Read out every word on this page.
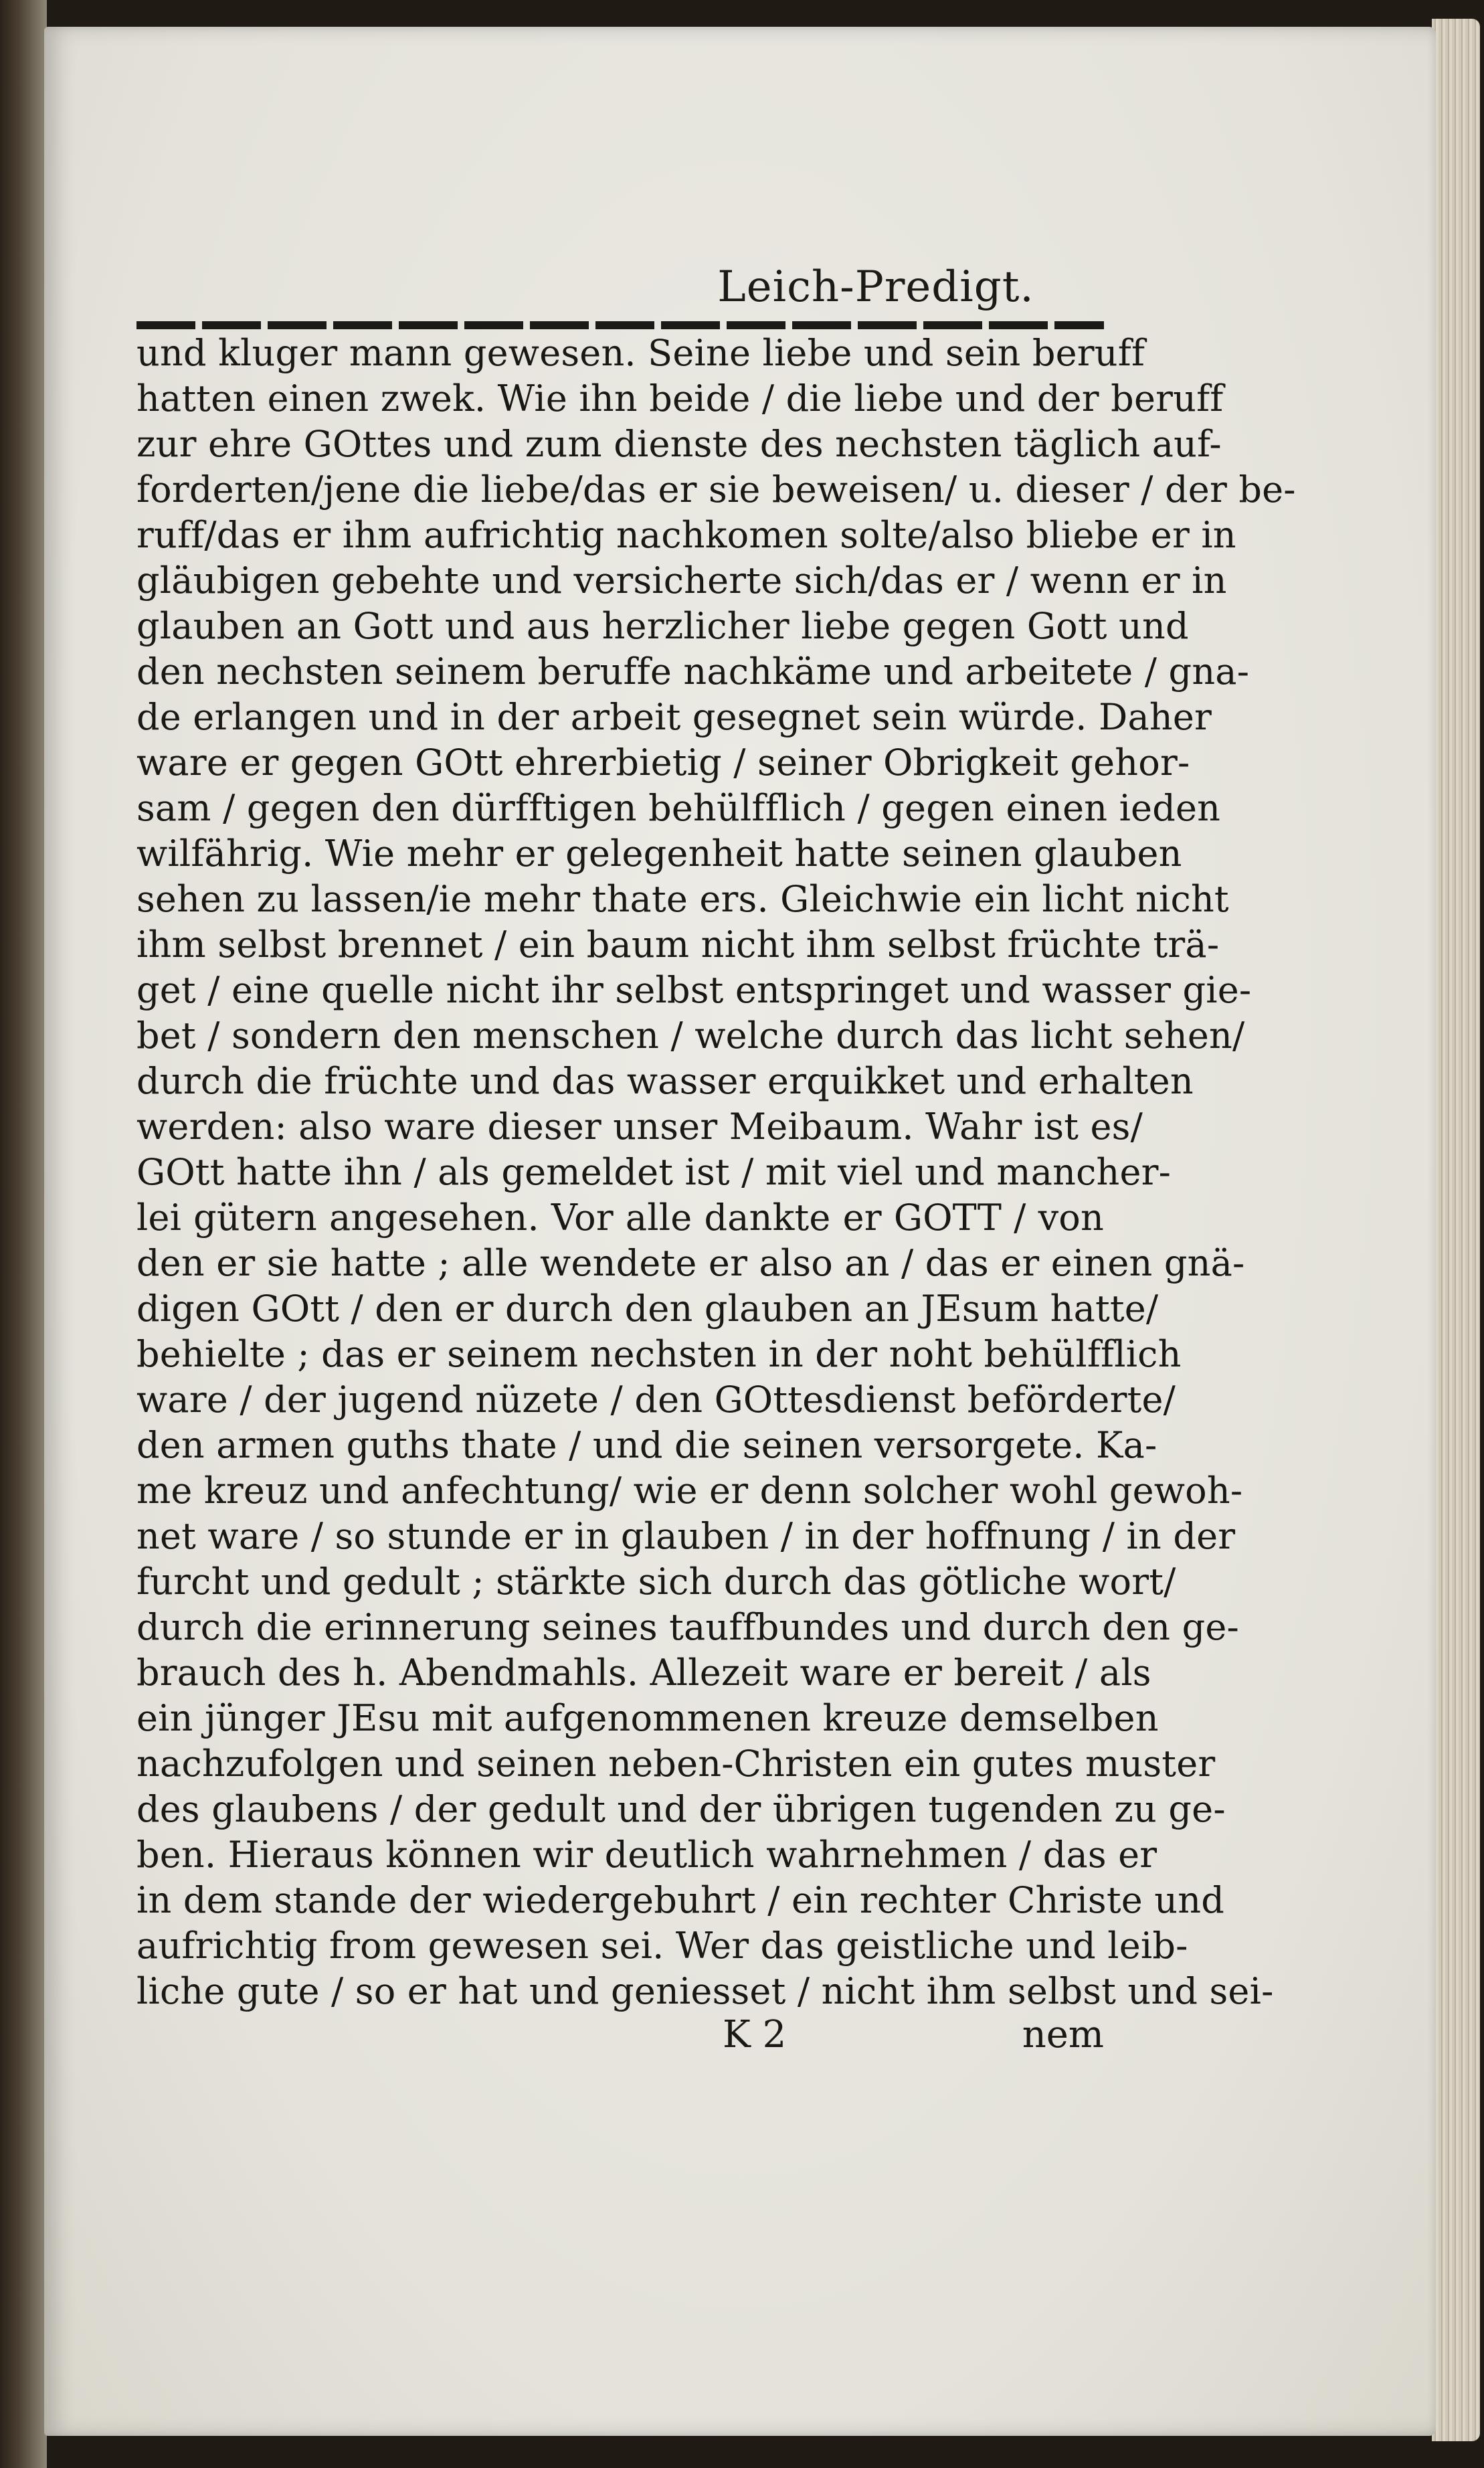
Leich-Predigt.
und kluger mann gewesen. Seine liebe und sein beruff
hatten einen zwek. Wie ihn beide / die liebe und der beruff
zur ehre GOttes und zum dienste des nechsten täglich auf-
forderten/jene die liebe/das er sie beweisen/ u. dieser / der be-
ruff/das er ihm aufrichtig nachkomen solte/also bliebe er in
gläubigen gebehte und versicherte sich/das er / wenn er in
glauben an Gott und aus herzlicher liebe gegen Gott und
den nechsten seinem beruffe nachkäme und arbeitete / gna-
de erlangen und in der arbeit gesegnet sein würde. Daher
ware er gegen GOtt ehrerbietig / seiner Obrigkeit gehor-
sam / gegen den dürfftigen behülfflich / gegen einen ieden
wilfährig. Wie mehr er gelegenheit hatte seinen glauben
sehen zu lassen/ie mehr thate ers. Gleichwie ein licht nicht
ihm selbst brennet / ein baum nicht ihm selbst früchte trä-
get / eine quelle nicht ihr selbst entspringet und wasser gie-
bet / sondern den menschen / welche durch das licht sehen/
durch die früchte und das wasser erquikket und erhalten
werden: also ware dieser unser Meibaum. Wahr ist es/
GOtt hatte ihn / als gemeldet ist / mit viel und mancher-
lei gütern angesehen. Vor alle dankte er GOTT / von
den er sie hatte ; alle wendete er also an / das er einen gnä-
digen GOtt / den er durch den glauben an JEsum hatte/
behielte ; das er seinem nechsten in der noht behülfflich
ware / der jugend nüzete / den GOttesdienst beförderte/
den armen guths thate / und die seinen versorgete. Ka-
me kreuz und anfechtung/ wie er denn solcher wohl gewoh-
net ware / so stunde er in glauben / in der hoffnung / in der
furcht und gedult ; stärkte sich durch das götliche wort/
durch die erinnerung seines tauffbundes und durch den ge-
brauch des h. Abendmahls. Allezeit ware er bereit / als
ein jünger JEsu mit aufgenommenen kreuze demselben
nachzufolgen und seinen neben-Christen ein gutes muster
des glaubens / der gedult und der übrigen tugenden zu ge-
ben. Hieraus können wir deutlich wahrnehmen / das er
in dem stande der wiedergebuhrt / ein rechter Christe und
aufrichtig from gewesen sei. Wer das geistliche und leib-
liche gute / so er hat und geniesset / nicht ihm selbst und sei-
K 2	nem
